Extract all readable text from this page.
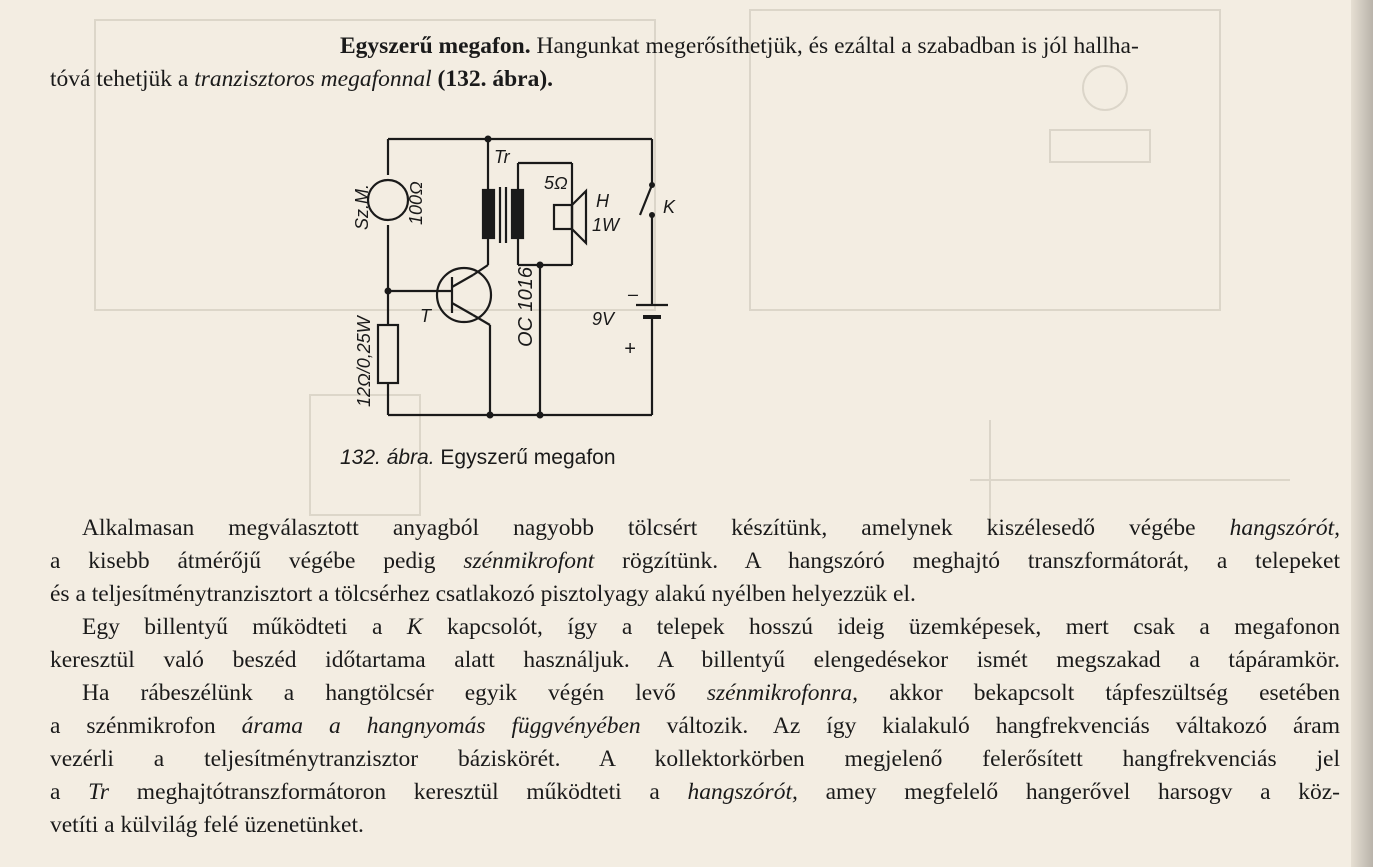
Egyszerű megafon. Hangunkat megerősíthetjük, és ezáltal a szabadban is jól hallha-
tóvá tehetjük a tranzisztoros megafonnal (132. ábra).
Sz.M. 100Ω
Tr
5Ω
H
1W
K
T	OC 1016
12Ω/0,25W	9V
–
+
132. ábra. Egyszerű megafon
Alkalmasan megválasztott anyagból nagyobb tölcsért készítünk, amelynek kiszélesedő végébe hangszórót,
a kisebb átmérőjű végébe pedig szénmikrofont rögzítünk. A hangszóró meghajtó transzformátorát, a telepeket
és a teljesítménytranzisztort a tölcsérhez csatlakozó pisztolyagy alakú nyélben helyezzük el.
Egy billentyű működteti a K kapcsolót, így a telepek hosszú ideig üzemképesek, mert csak a megafonon
keresztül való beszéd időtartama alatt használjuk. A billentyű elengedésekor ismét megszakad a tápáramkör.
Ha rábeszélünk a hangtölcsér egyik végén levő szénmikrofonra, akkor bekapcsolt tápfeszültség esetében
a szénmikrofon árama a hangnyomás függvényében változik. Az így kialakuló hangfrekvenciás váltakozó áram
vezérli a teljesítménytranzisztor báziskörét. A kollektorkörben megjelenő felerősített hangfrekvenciás jel
a Tr meghajtótranszformátoron keresztül működteti a hangszórót, amey megfelelő hangerővel harsogv a köz-
vetíti a külvilág felé üzenetünket.
